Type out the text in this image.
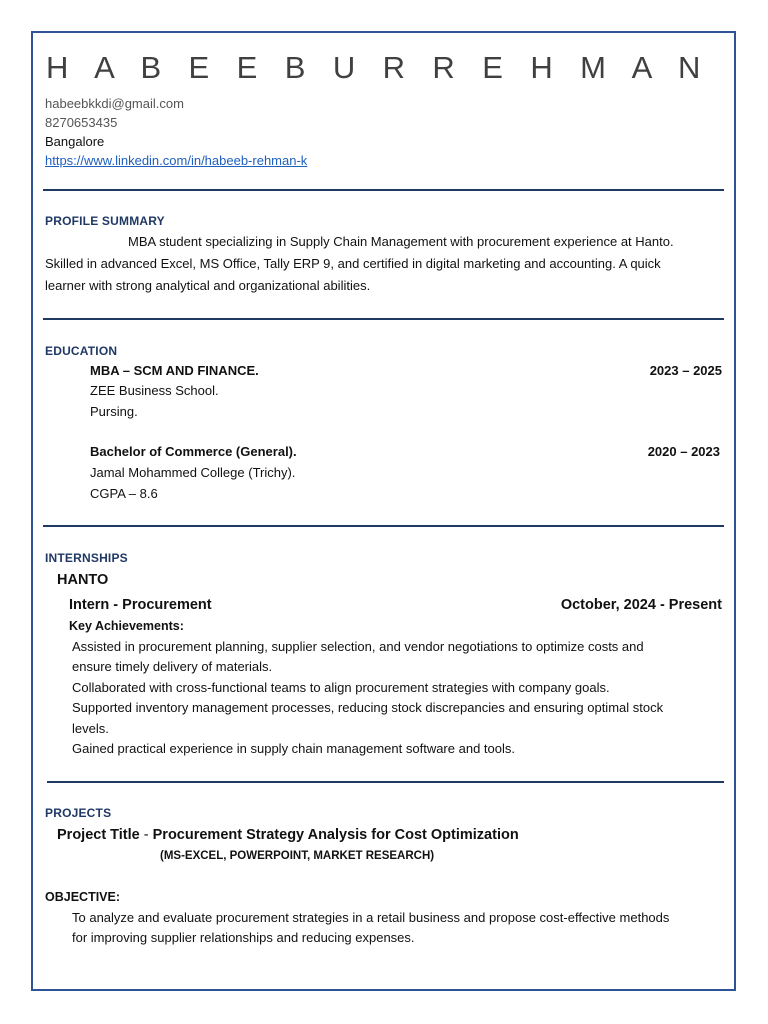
H A B E E B U R R E H M A N
habeebkkdi@gmail.com
8270653435
Bangalore
https://www.linkedin.com/in/habeeb-rehman-k
PROFILE SUMMARY
MBA student specializing in Supply Chain Management with procurement experience at Hanto.
Skilled in advanced Excel, MS Office, Tally ERP 9, and certified in digital marketing and accounting. A quick
learner with strong analytical and organizational abilities.
EDUCATION
MBA – SCM AND FINANCE.	2023 – 2025
ZEE Business School.
Pursing.
Bachelor of Commerce (General).	2020 – 2023
Jamal Mohammed College (Trichy).
CGPA – 8.6
INTERNSHIPS
HANTO
Intern - Procurement	October, 2024 - Present
Key Achievements:
Assisted in procurement planning, supplier selection, and vendor negotiations to optimize costs and
ensure timely delivery of materials.
Collaborated with cross-functional teams to align procurement strategies with company goals.
Supported inventory management processes, reducing stock discrepancies and ensuring optimal stock
levels.
Gained practical experience in supply chain management software and tools.
PROJECTS
Project Title - Procurement Strategy Analysis for Cost Optimization
(MS-EXCEL, POWERPOINT, MARKET RESEARCH)
OBJECTIVE:
To analyze and evaluate procurement strategies in a retail business and propose cost-effective methods
for improving supplier relationships and reducing expenses.
